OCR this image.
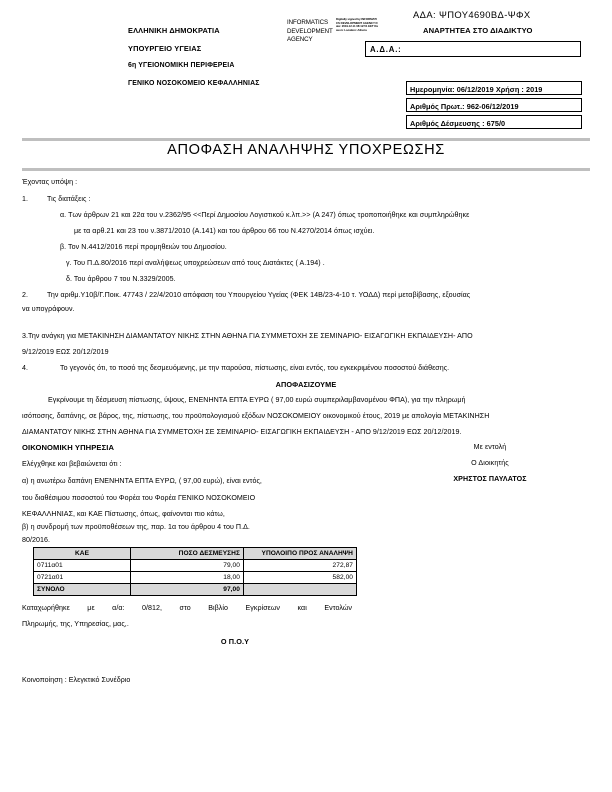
ΕΛΛΗΝΙΚΗ ΔΗΜΟΚΡΑΤΙΑ
ΥΠΟΥΡΓΕΙΟ ΥΓΕΙΑΣ
6η ΥΓΕΙΟΝΟΜΙΚΗ ΠΕΡΙΦΕΡΕΙΑ
ΓΕΝΙΚΟ ΝΟΣΟΚΟΜΕΙΟ ΚΕΦΑΛΛΗΝΙΑΣ
INFORMATICS DEVELOPMENT AGENCY
Digitally signed by INFORMATICS DEVELOPMENT AGENCY Date: 2019.12.11 08:12:51 EET Reason: Location: Athens
ΑΔΑ: ΨΠΟΥ4690ΒΔ-ΨΦΧ
ΑΝΑΡΤΗΤΕΑ ΣΤΟ ΔΙΑΔΙΚΤΥΟ
Α.Δ.Α.:
Ημερομηνία: 06/12/2019 Χρήση : 2019
Αριθμός Πρωτ.: 962-06/12/2019
Αριθμός Δέσμευσης : 675/0
ΑΠΟΦΑΣΗ ΑΝΑΛΗΨΗΣ ΥΠΟΧΡΕΩΣΗΣ
Έχοντας υπόψη :
1.	Τις διατάξεις :
α. Των άρθρων 21 και 22α του ν.2362/95 <<Περί Δημοσίου Λογιστικού κ.λπ.>> (Α 247) όπως τροποποιήθηκε και συμπληρώθηκε
με τα αρθ.21 και 23 του ν.3871/2010 (Α.141) και του άρθρου 66 του Ν.4270/2014 όπως ισχύει.
β. Τον Ν.4412/2016 περί προμηθειών του Δημοσίου.
γ. Του Π.Δ.80/2016 περί αναλήψεως υποχρεώσεων από τους Διατάκτες ( Α.194) .
δ. Του άρθρου 7 του Ν.3329/2005.
2.	Την αριθμ.Υ10β/Γ.Ποικ. 47743 / 22/4/2010 απόφαση του Υπουργείου Υγείας (ΦΕΚ 14Β/23-4-10 τ. ΥΟΔΔ) περί μεταβίβασης, εξουσίας
να υπογράφουν.
3.Την ανάγκη για ΜΕΤΑΚΙΝΗΣΗ ΔΙΑΜΑΝΤΑΤΟΥ ΝΙΚΗΣ ΣΤΗΝ ΑΘΗΝΑ ΓΙΑ ΣΥΜΜΕΤΟΧΗ ΣΕ ΣΕΜΙΝΑΡΙΟ- ΕΙΣΑΓΩΓΙΚΗ ΕΚΠΑΙΔΕΥΣΗ- ΑΠΟ
9/12/2019 ΕΩΣ 20/12/2019
4.	Το γεγονός ότι, το ποσό της δεσμευόμενης, με την παρούσα, πίστωσης, είναι εντός, του εγκεκριμένου ποσοστού διάθεσης.
ΑΠΟΦΑΣΙΖΟΥΜΕ
Εγκρίνουμε τη δέσμευση πίστωσης, ύψους, ΕΝΕΝΗΝΤΑ ΕΠΤΑ ΕΥΡΩ ( 97,00 ευρώ συμπεριλαμβανομένου ΦΠΑ), για την πληρωμή
ισόποσης, δαπάνης, σε βάρος, της, πίστωσης, του προϋπολογισμού εξόδων ΝΟΣΟΚΟΜΕΙΟΥ οικονομικού έτους, 2019 με απολογία ΜΕΤΑΚΙΝΗΣΗ
ΔΙΑΜΑΝΤΑΤΟΥ ΝΙΚΗΣ ΣΤΗΝ ΑΘΗΝΑ ΓΙΑ ΣΥΜΜΕΤΟΧΗ ΣΕ ΣΕΜΙΝΑΡΙΟ- ΕΙΣΑΓΩΓΙΚΗ ΕΚΠΑΙΔΕΥΣΗ - ΑΠΟ 9/12/2019 ΕΩΣ 20/12/2019.
ΟΙΚΟΝΟΜΙΚΗ ΥΠΗΡΕΣΙΑ
Ελέγχθηκε και βεβαιώνεται ότι :
α) η ανωτέρω δαπάνη ΕΝΕΝΗΝΤΑ ΕΠΤΑ ΕΥΡΩ, ( 97,00 ευρώ), είναι εντός,
του διαθέσιμου ποσοστού του Φορέα του Φορέα ΓΕΝΙΚΟ ΝΟΣΟΚΟΜΕΙΟ
ΚΕΦΑΛΛΗΝΙΑΣ, και ΚΑΕ Πίστωσης, όπως, φαίνονται πιο κάτω,
β) η συνδρομή των προϋποθέσεων της, παρ. 1α του άρθρου 4 του Π.Δ.
80/2016.
Με εντολή
Ο Διοικητής
ΧΡΗΣΤΟΣ ΠΑΥΛΑΤΟΣ
ΚΑΕ	ΠΟΣΟ ΔΕΣΜΕΥΣΗΣ	ΥΠΟΛΟΙΠΟ ΠΡΟΣ ΑΝΑΛΗΨΗ
0711α01	79,00	272,87
0721α01	18,00	582,00
ΣΥΝΟΛΟ	97,00	
Καταχωρήθηκε με α/α: 0/812, στο Βιβλίο Εγκρίσεων και Εντολών
Πληρωμής, της, Υπηρεσίας, μας,.
Ο Π.Ο.Υ
Κοινοποίηση : Ελεγκτικό Συνέδριο
